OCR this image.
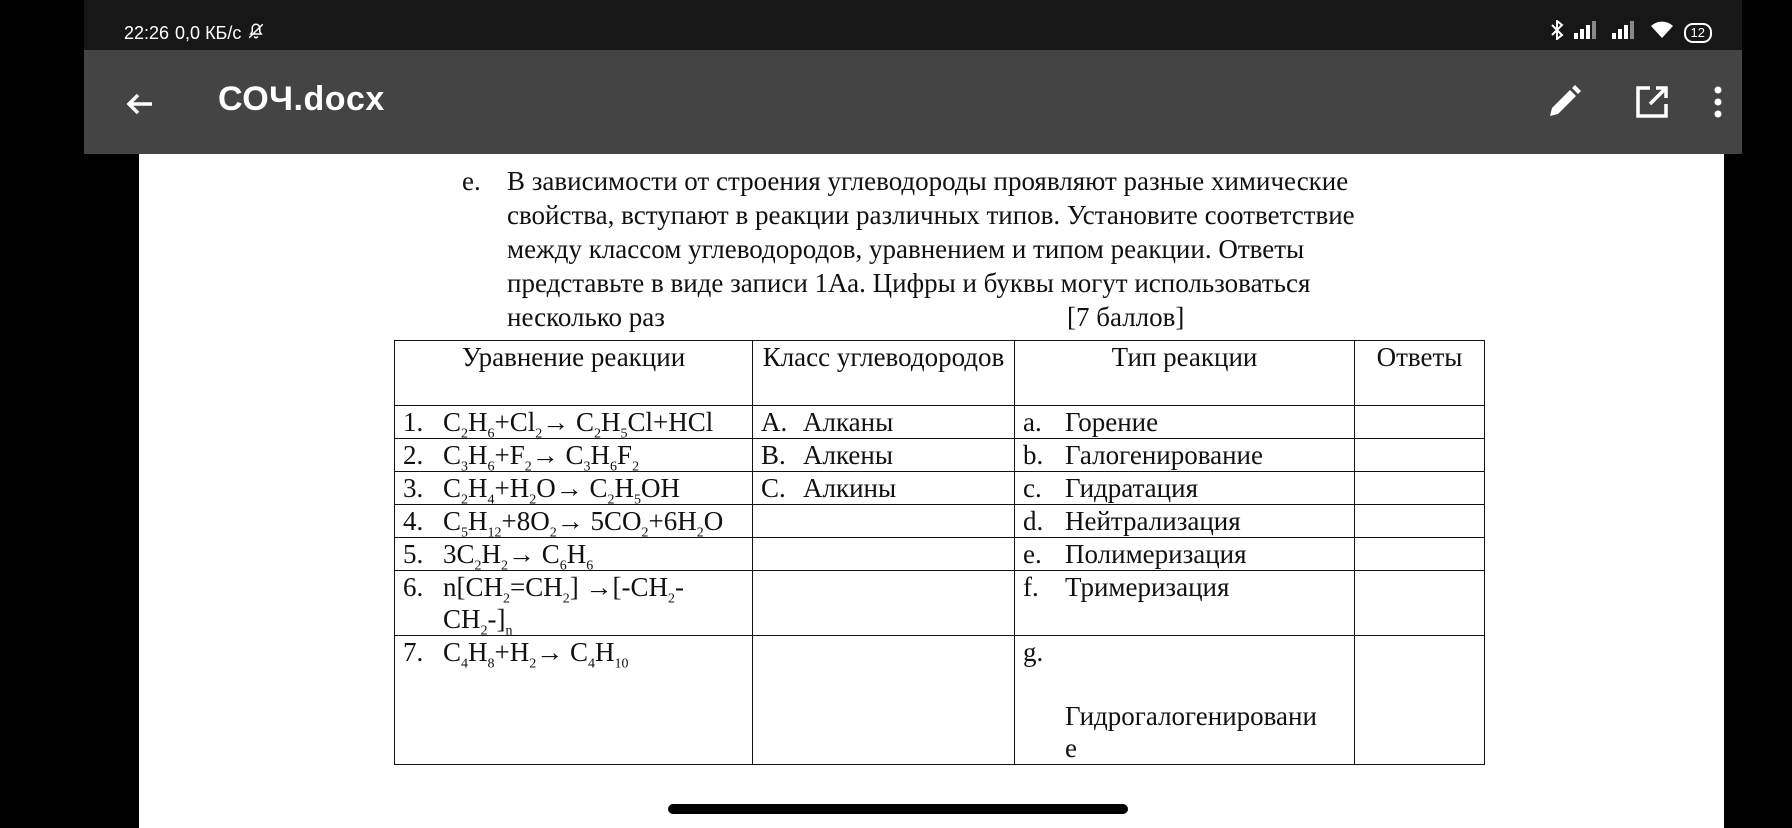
22:26 0,0 КБ/с	12
СОЧ.docx
e. В зависимости от строения углеводороды проявляют разные химические
свойства, вступают в реакции различных типов. Установите соответствие
между классом углеводородов, уравнением и типом реакции. Ответы
представьте в виде записи 1Аа. Цифры и буквы могут использоваться
несколько раз	[7 баллов]
Уравнение реакции	Класс углеводородов	Тип реакции	Ответы
1. $C_2H_6+Cl_2\to C_2H_5Cl+HCl$	A. Алканы	a. Горение	
2. $C_3H_6+F_2\to C_3H_6F_2$	B. Алкены	b. Галогенирование	
3. $C_2H_4+H_2O\to C_2H_5OH$	C. Алкины	c. Гидратация	
4. $C_5H_{12}+8O_2\to 5CO_2+6H_2O$		d. Нейтрализация	
5. $3C_2H_2\to C_6H_6$		e. Полимеризация	
6. $n[CH_2=CH_2] \to[-CH_2-$
$CH_2-]_n$		f. Тримеризация	
7. $C_4H_8+H_2\to C_4H_{10}$		g.Гидрогалогенировани
е	
